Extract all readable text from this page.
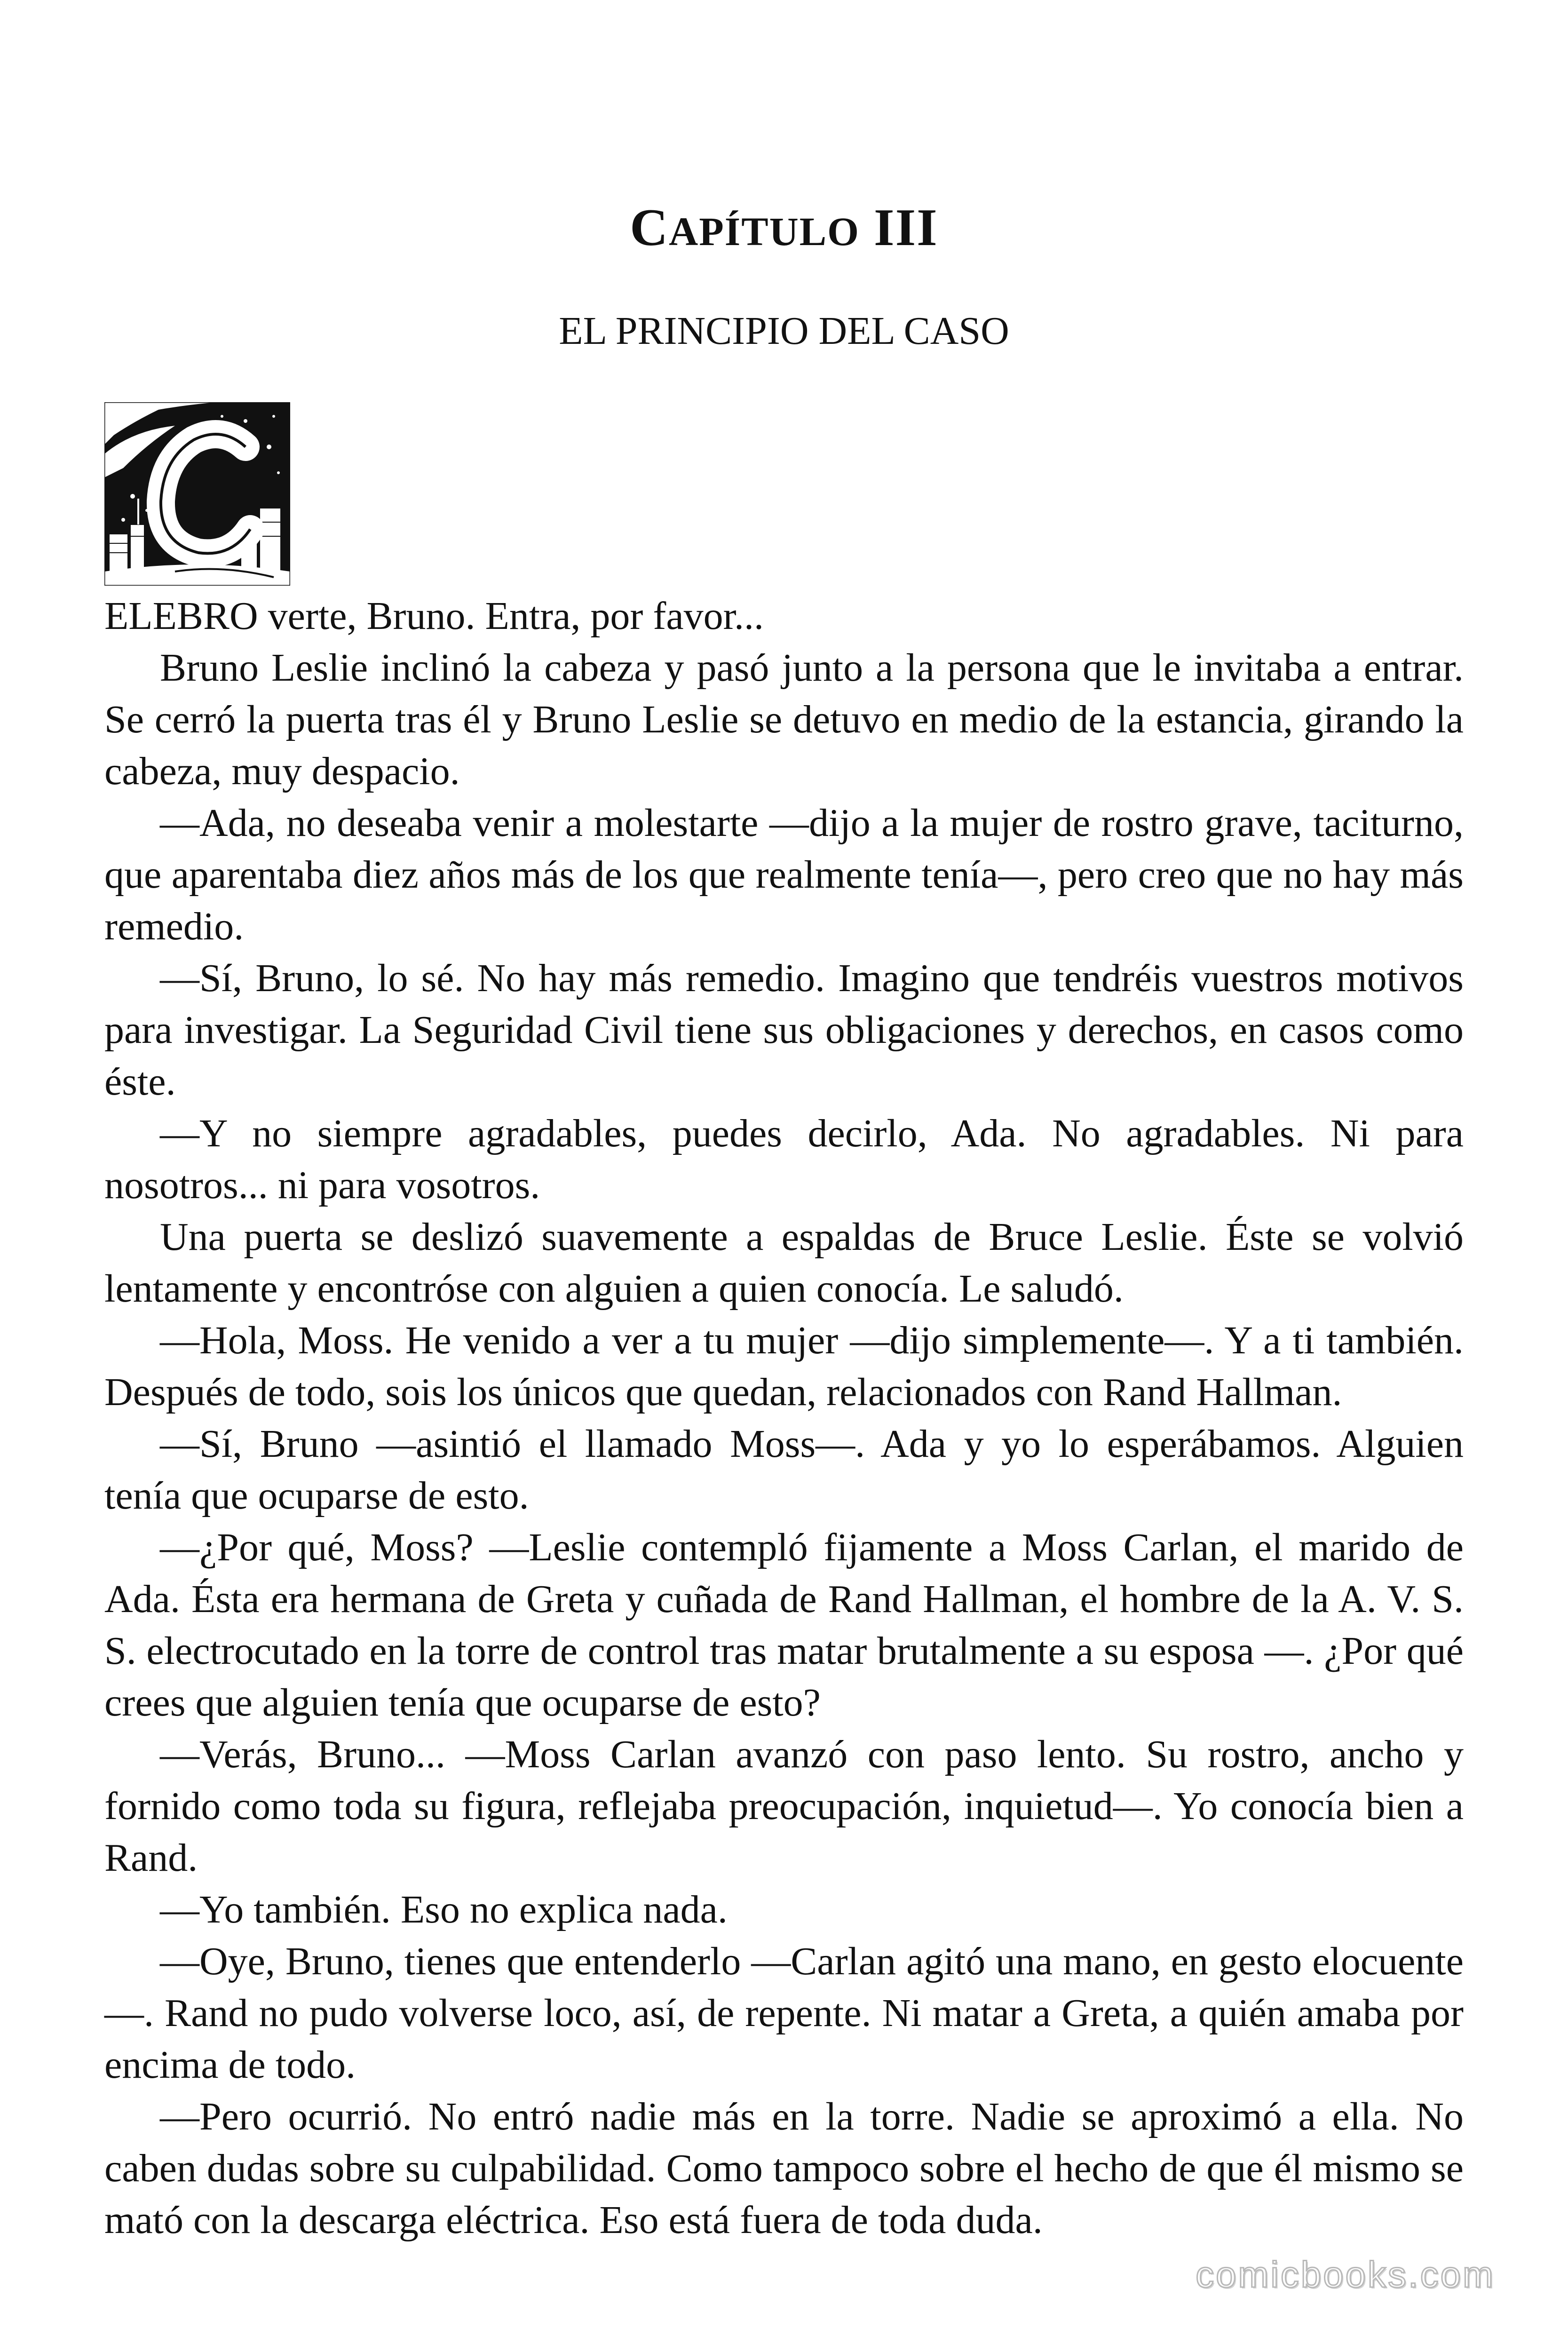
CAPÍTULO III
EL PRINCIPIO DEL CASO

ELEBRO verte, Bruno. Entra, por favor...

Bruno Leslie inclinó la cabeza y pasó junto a la persona que le invitaba a entrar. Se cerró la puerta tras él y Bruno Leslie se detuvo en medio de la estancia, girando la cabeza, muy despacio.

—Ada, no deseaba venir a molestarte —dijo a la mujer de rostro grave, taciturno, que aparentaba diez años más de los que realmente tenía—, pero creo que no hay más remedio.

—Sí, Bruno, lo sé. No hay más remedio. Imagino que tendréis vuestros motivos para investigar. La Seguridad Civil tiene sus obligaciones y derechos, en casos como éste.

—Y no siempre agradables, puedes decirlo, Ada. No agradables. Ni para nosotros... ni para vosotros.

Una puerta se deslizó suavemente a espaldas de Bruce Leslie. Éste se volvió lentamente y encontróse con alguien a quien conocía. Le saludó.

—Hola, Moss. He venido a ver a tu mujer —dijo simplemente—. Y a ti también. Después de todo, sois los únicos que quedan, relacionados con Rand Hallman.

—Sí, Bruno —asintió el llamado Moss—. Ada y yo lo esperábamos. Alguien tenía que ocuparse de esto.

—¿Por qué, Moss? —Leslie contempló fijamente a Moss Carlan, el marido de Ada. Ésta era hermana de Greta y cuñada de Rand Hallman, el hombre de la A. V. S. S. electrocutado en la torre de control tras matar brutalmente a su esposa —. ¿Por qué crees que alguien tenía que ocuparse de esto?

—Verás, Bruno... —Moss Carlan avanzó con paso lento. Su rostro, ancho y fornido como toda su figura, reflejaba preocupación, inquietud—. Yo conocía bien a Rand.

—Yo también. Eso no explica nada.

—Oye, Bruno, tienes que entenderlo —Carlan agitó una mano, en gesto elocuente—. Rand no pudo volverse loco, así, de repente. Ni matar a Greta, a quién amaba por encima de todo.

—Pero ocurrió. No entró nadie más en la torre. Nadie se aproximó a ella. No caben dudas sobre su culpabilidad. Como tampoco sobre el hecho de que él mismo se mató con la descarga eléctrica. Eso está fuera de toda duda.

comicbooks.com
